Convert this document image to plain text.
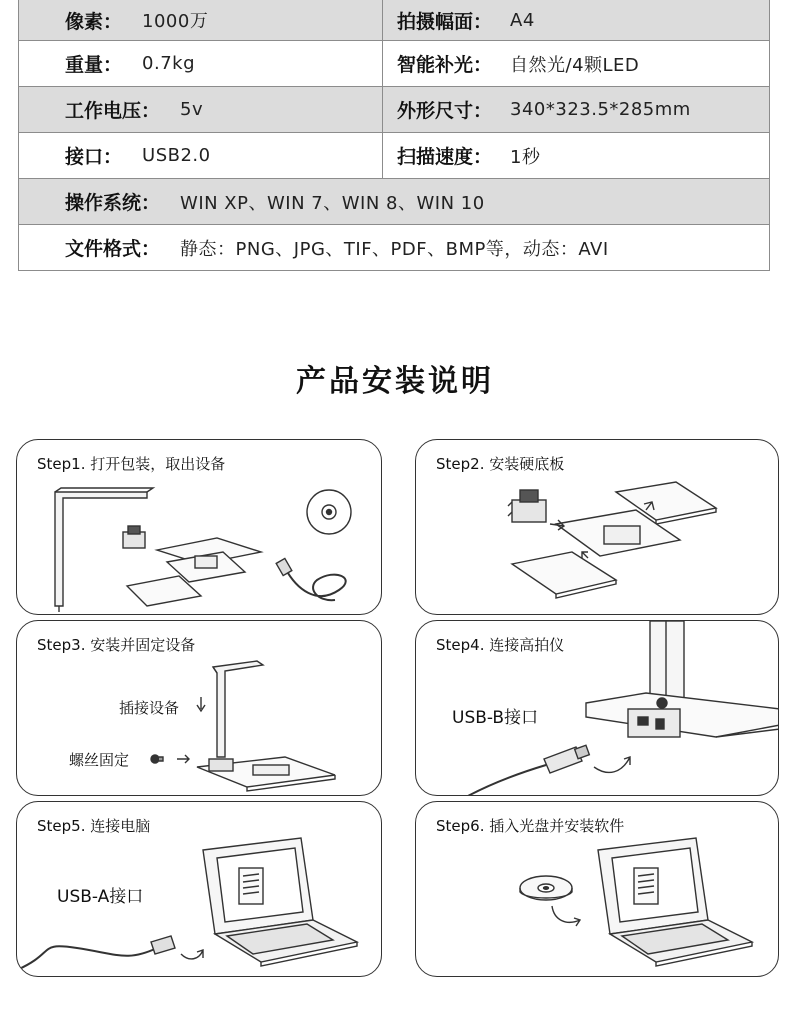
像素： 1000万	拍摄幅面： A4
重量： 0.7kg	智能补光： 自然光/4颗LED
工作电压： 5v	外形尺寸： 340*323.5*285mm
接口： USB2.0	扫描速度： 1秒
操作系统： WIN XP、WIN 7、WIN 8、WIN 10
文件格式： 静态：PNG、JPG、TIF、PDF、BMP等，动态：AVI
产品安装说明
Step1. 打开包装，取出设备	Step2. 安装硬底板
Step3. 安装并固定设备
插接设备
螺丝固定
Step4. 连接高拍仪
USB-B接口
Step5. 连接电脑
USB-A接口
Step6. 插入光盘并安装软件
